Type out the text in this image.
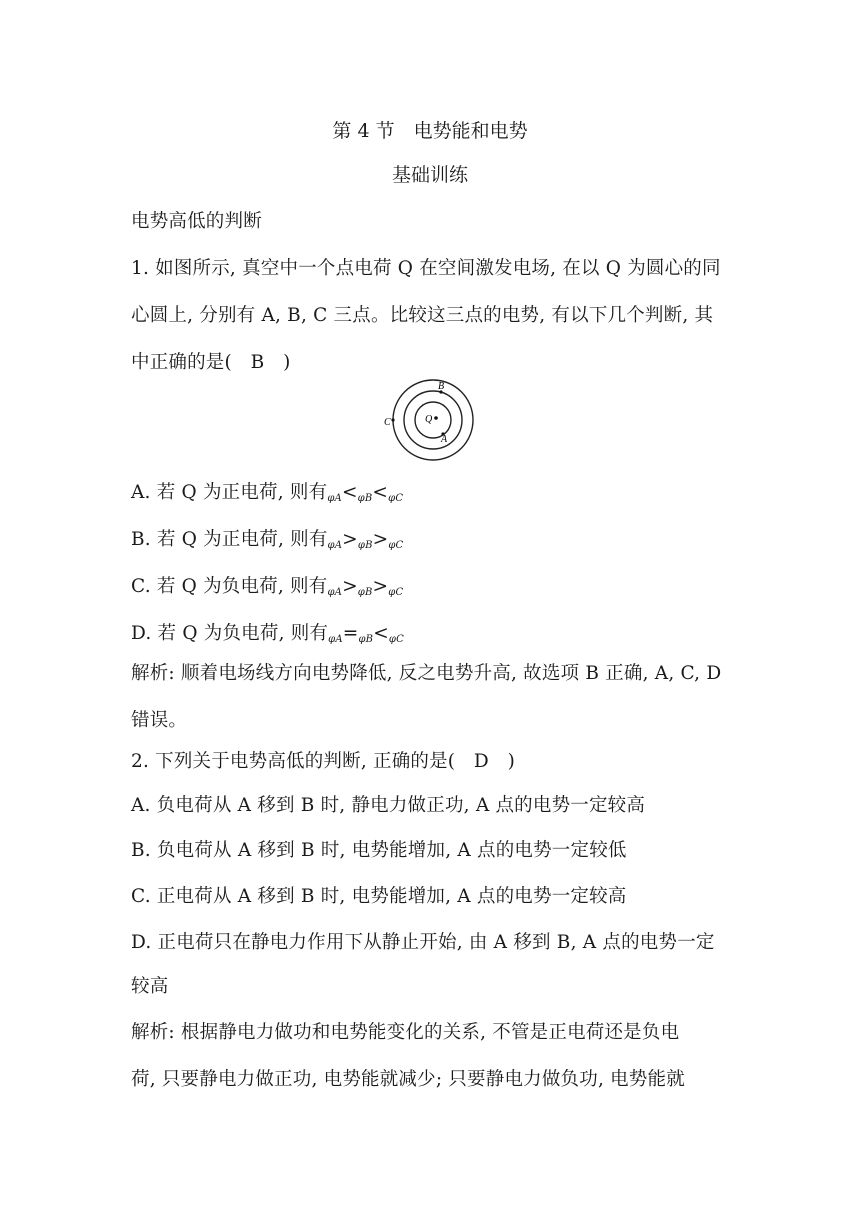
第 4 节　电势能和电势
基础训练
电势高低的判断
1. 如图所示, 真空中一个点电荷 Q 在空间激发电场, 在以 Q 为圆心的同
心圆上, 分别有 A, B, C 三点。比较这三点的电势, 有以下几个判断, 其
中正确的是(　B　)
Q
B
A
C
A. 若 Q 为正电荷, 则有$_{\varphi A}<_{\varphi B}<_{\varphi C}$
B. 若 Q 为正电荷, 则有$_{\varphi A}>_{\varphi B}>_{\varphi C}$
C. 若 Q 为负电荷, 则有$_{\varphi A}>_{\varphi B}>_{\varphi C}$
D. 若 Q 为负电荷, 则有$_{\varphi A}=_{\varphi B}<_{\varphi C}$
解析: 顺着电场线方向电势降低, 反之电势升高, 故选项 B 正确, A, C, D
错误。
2. 下列关于电势高低的判断, 正确的是(　D　)
A. 负电荷从 A 移到 B 时, 静电力做正功, A 点的电势一定较高
B. 负电荷从 A 移到 B 时, 电势能增加, A 点的电势一定较低
C. 正电荷从 A 移到 B 时, 电势能增加, A 点的电势一定较高
D. 正电荷只在静电力作用下从静止开始, 由 A 移到 B, A 点的电势一定
较高
解析: 根据静电力做功和电势能变化的关系, 不管是正电荷还是负电
荷, 只要静电力做正功, 电势能就减少; 只要静电力做负功, 电势能就
